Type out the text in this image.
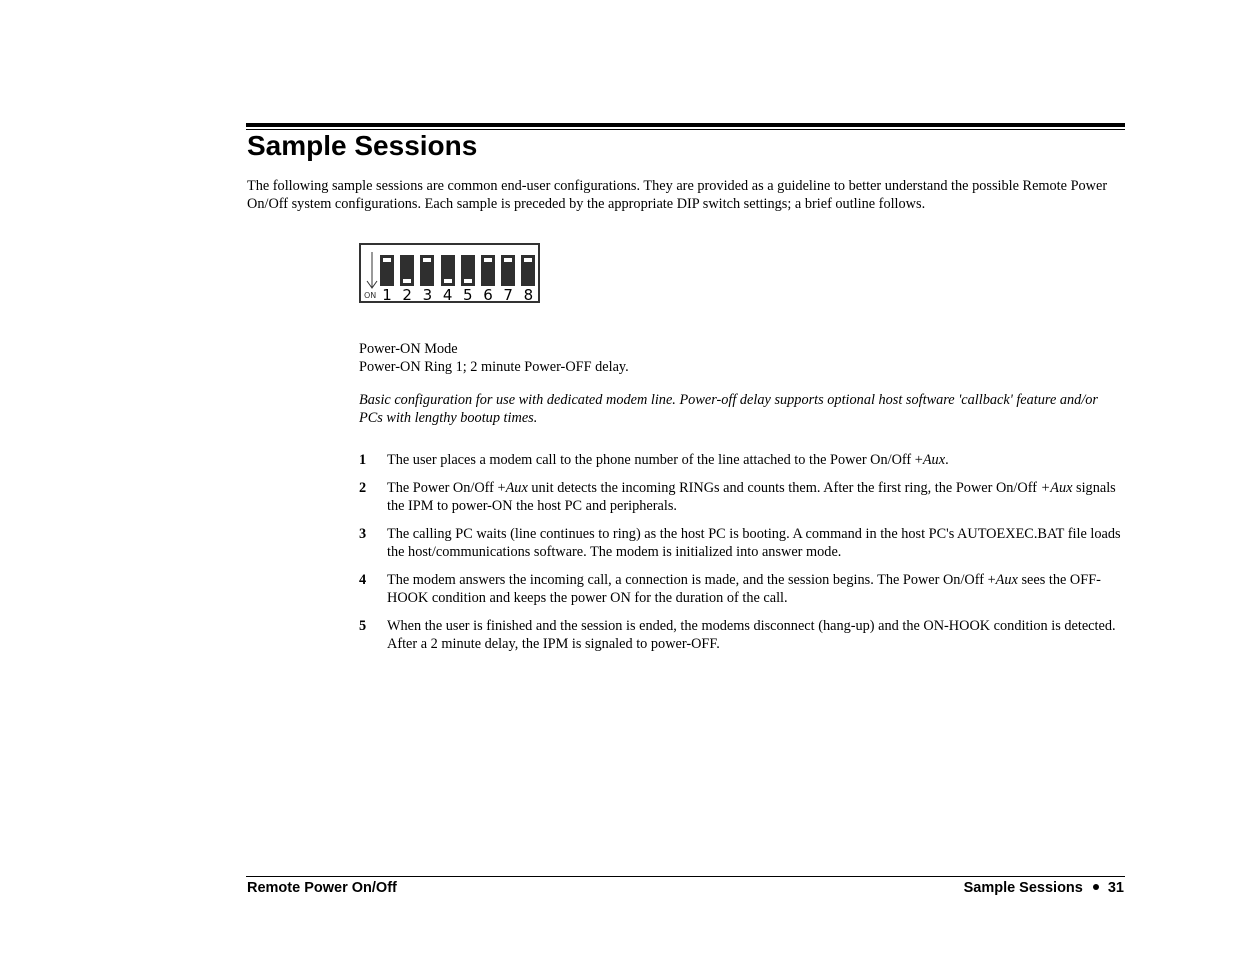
Sample Sessions

The following sample sessions are common end-user configurations. They are provided as a guideline to better understand the possible Remote Power On/Off system configurations. Each sample is preceded by the appropriate DIP switch settings; a brief outline follows.

ON 1 2 3 4 5 6 7 8
Power-ON Mode
Power-ON Ring 1; 2 minute Power-OFF delay.

Basic configuration for use with dedicated modem line. Power-off delay supports optional host software 'callback' feature and/or PCs with lengthy bootup times.

1 The user places a modem call to the phone number of the line attached to the Power On/Off +Aux.
2 The Power On/Off +Aux unit detects the incoming RINGs and counts them. After the first ring, the Power On/Off +Aux signals the IPM to power-ON the host PC and peripherals.
3 The calling PC waits (line continues to ring) as the host PC is booting. A command in the host PC's AUTOEXEC.BAT file loads the host/communications software. The modem is initialized into answer mode.
4 The modem answers the incoming call, a connection is made, and the session begins. The Power On/Off +Aux sees the OFF-HOOK condition and keeps the power ON for the duration of the call.
5 When the user is finished and the session is ended, the modems disconnect (hang-up) and the ON-HOOK condition is detected. After a 2 minute delay, the IPM is signaled to power-OFF.
Remote Power On/Off	Sample Sessions 31
